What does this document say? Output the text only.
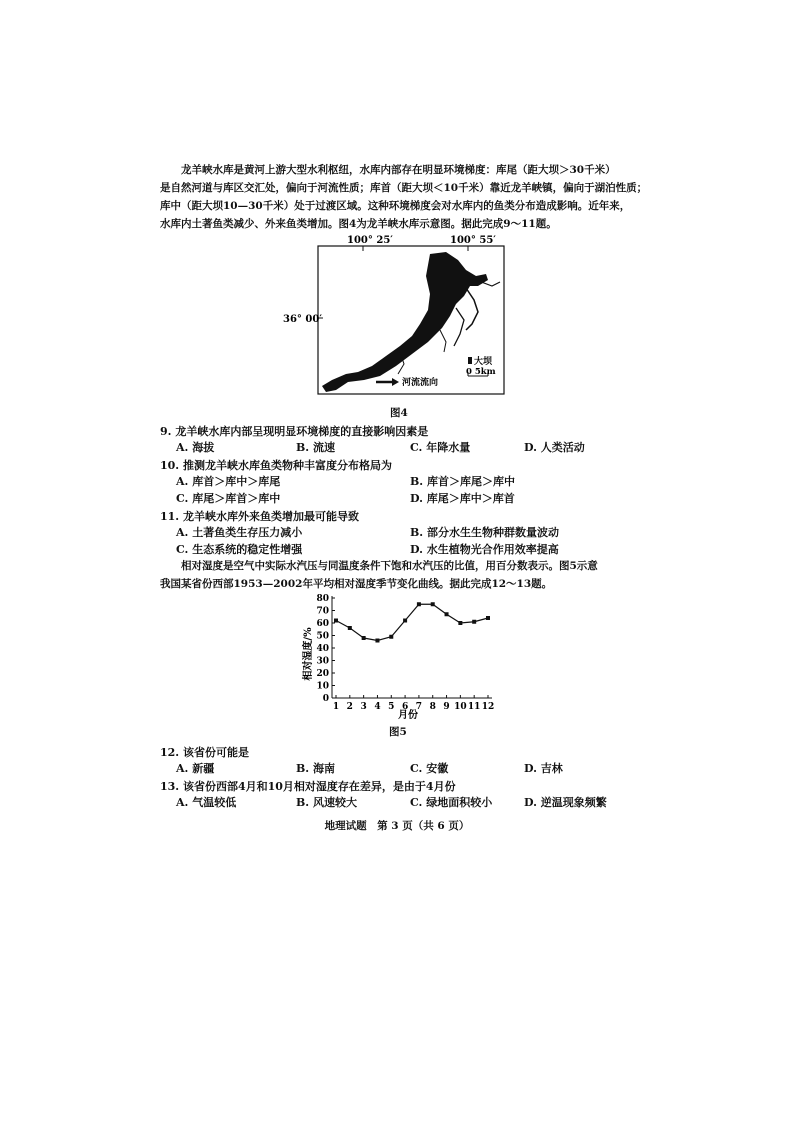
龙羊峡水库是黄河上游大型水利枢纽，水库内部存在明显环境梯度：库尾（距大坝＞30千米）
是自然河道与库区交汇处，偏向于河流性质；库首（距大坝＜10千米）靠近龙羊峡镇，偏向于湖泊性质；
库中（距大坝10—30千米）处于过渡区域。这种环境梯度会对水库内的鱼类分布造成影响。近年来，
水库内土著鱼类减少、外来鱼类增加。图4为龙羊峡水库示意图。据此完成9～11题。
100° 25′	100° 55′
36° 00′
大坝
0 5km
河流流向
图4
9. 龙羊峡水库内部呈现明显环境梯度的直接影响因素是
A. 海拔	B. 流速	C. 年降水量	D. 人类活动
10. 推测龙羊峡水库鱼类物种丰富度分布格局为
A. 库首＞库中＞库尾	B. 库首＞库尾＞库中
C. 库尾＞库首＞库中	D. 库尾＞库中＞库首
11. 龙羊峡水库外来鱼类增加最可能导致
A. 土著鱼类生存压力减小	B. 部分水生生物种群数量波动
C. 生态系统的稳定性增强	D. 水生植物光合作用效率提高
相对湿度是空气中实际水汽压与同温度条件下饱和水汽压的比值，用百分数表示。图5示意
我国某省份西部1953—2002年平均相对湿度季节变化曲线。据此完成12～13题。
0
10
20
30
40
50
60
70
80
1 2 3 4 5 6 7 8 9 10 11 12
月份
相对湿度/%
图5
12. 该省份可能是
A. 新疆	B. 海南	C. 安徽	D. 吉林
13. 该省份西部4月和10月相对湿度存在差异，是由于4月份
A. 气温较低	B. 风速较大	C. 绿地面积较小	D. 逆温现象频繁
地理试题　第 3 页（共 6 页）
